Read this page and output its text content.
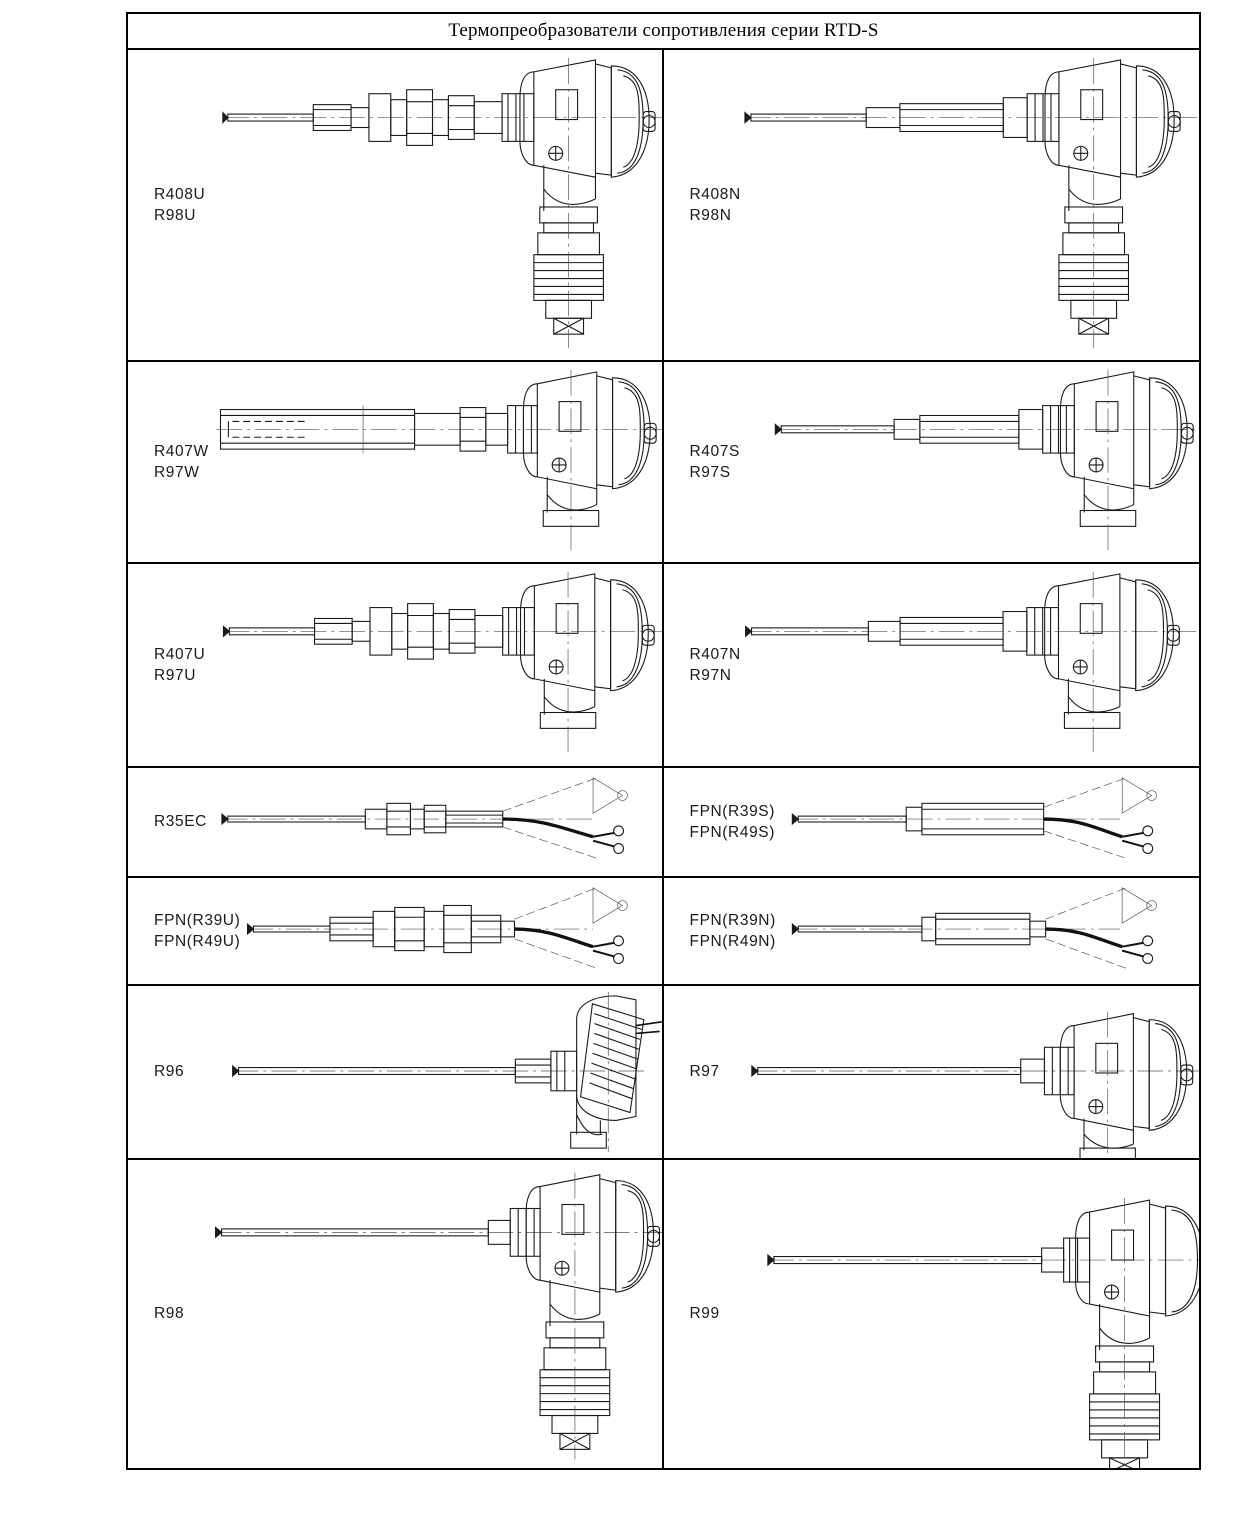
Термопреобразователи сопротивления серии RTD-S
R408U
R98U
R408N
R98N
R407W
R97W
R407S
R97S
R407U
R97U
R407N
R97N
R35EC
FPN(R39S)
FPN(R49S)
FPN(R39U)
FPN(R49U)
FPN(R39N)
FPN(R49N)
R96	R97
R98	R99
